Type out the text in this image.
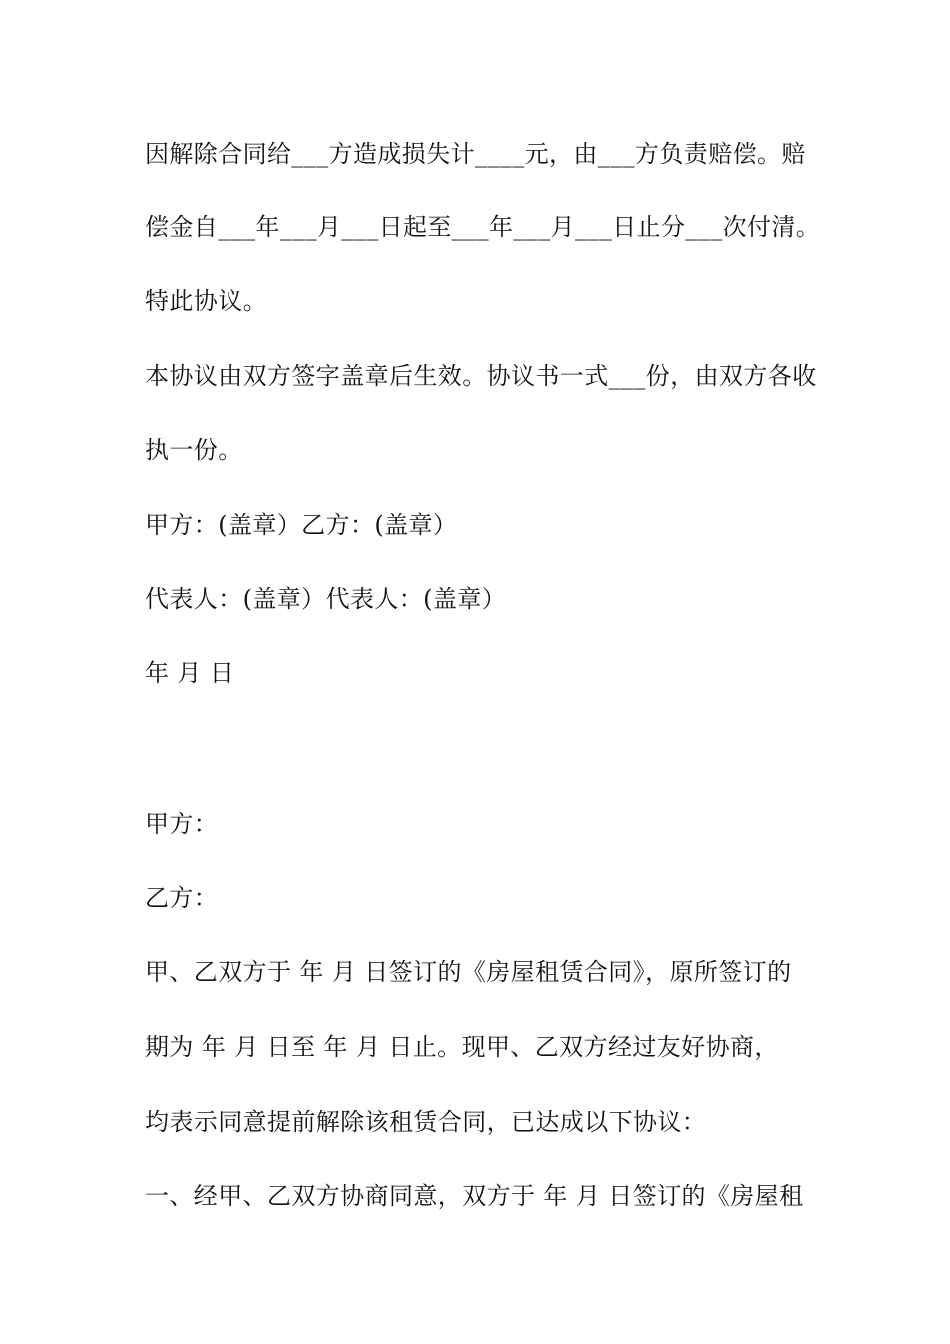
因解除合同给___方造成损失计____元，由___方负责赔偿。赔
偿金自___年___月___日起至___年___月___日止分___次付清。
特此协议。
本协议由双方签字盖章后生效。协议书一式___份，由双方各收
执一份。
甲方：(盖章）乙方：(盖章）
代表人：(盖章）代表人：(盖章）
年 月 日
甲方：
乙方：
甲、乙双方于 年 月 日签订的《房屋租赁合同》，原所签订的
期为 年 月 日至 年 月 日止。现甲、乙双方经过友好协商，
均表示同意提前解除该租赁合同，已达成以下协议：
一、经甲、乙双方协商同意，双方于 年 月 日签订的《房屋租
